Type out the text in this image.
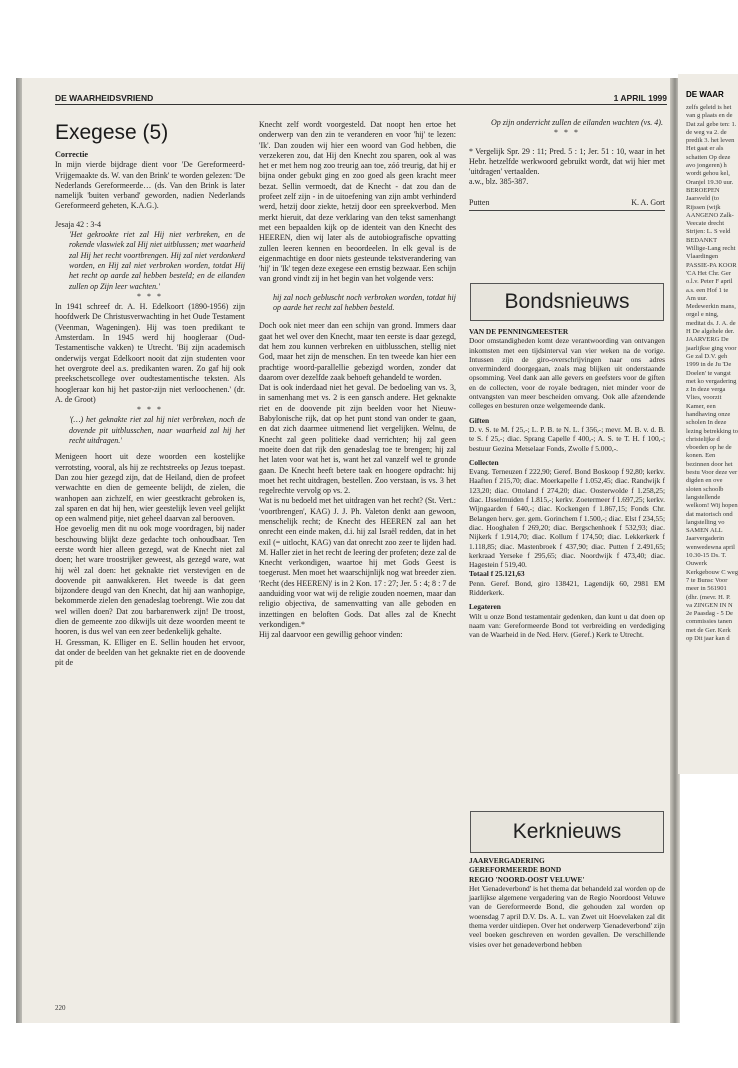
DE WAAR
zelfs geleid is het van g plaats en de Dat zal gebe ten: 1. de weg va 2. de predik 3. het leven Het gaat er als schatten Op deze avo jongeren) h wordt gehou kel, Oranjel 19.30 uur. BEROEPEN Jaarsveld (to Rijssen (wijk AANGENO Zalk-Veecate drecht Strijen: L. S veld BEDANKT Willige-Lang recht Vlaardingen PASSIE-PA KOOR 'CA Het Chr. Ger o.l.v. Peter F april a.s. een Hof 1 te Am uur. Medewerkin mans, orgel e ning, meditat ds. J. A. de H De algehele der. JAARVERG De jaarlijkse ging voor Ge zal D.V. geh 1999 in de Ju 'De Doelen' te vangst met ko vergadering z In deze verga Vlies, voorzit Kamer, een handhaving onze scholen In deze lezing betrekking to christelijke d vboeden op he de konen. Een bezinnen door het bestu Voor deze ver digden en ove sloten schoolb langstellende welkom! Wij hopen dat matorisch ond langstelling vo SAMEN ALL Jaarvergaderin wenwedewna april 10.30-15 Ds. T. Ouwerk Kerkgebouw C weg 7 te Bunsc Voor meer in 561901 (dhr. (mevr. H. P. va ZINGEN IN N 2e Paasdag - 5 De commissies tanen met de Ger. Kerk op Dit jaar kan d
DE WAARHEIDSVRIEND	1 APRIL 1999
Exegese (5)

Correctie

In mijn vierde bijdrage dient voor 'De Gereformeerd-Vrijgemaakte ds. W. van den Brink' te worden gelezen: 'De Nederlands Gereformeerde… (ds. Van den Brink is later namelijk 'buiten verband' geworden, nadien Nederlands Gereformeerd geheten, K.A.G.).

Jesaja 42 : 3-4

'Het gekrookte riet zal Hij niet verbreken, en de rokende vlaswiek zal Hij niet uitblussen; met waarheid zal Hij het recht voortbrengen. Hij zal niet verdonkerd worden, en Hij zal niet verbroken worden, totdat Hij het recht op aarde zal hebben besteld; en de eilanden zullen op Zijn leer wachten.'

* * *

In 1941 schreef dr. A. H. Edelkoort (1890-1956) zijn hoofdwerk De Christusverwachting in het Oude Testament (Veenman, Wageningen). Hij was toen predikant te Amsterdam. In 1945 werd hij hoogleraar (Oud-Testamentische vakken) te Utrecht. 'Bij zijn academisch onderwijs vergat Edelkoort nooit dat zijn studenten voor het overgrote deel a.s. predikanten waren. Zo gaf hij ook preekschetscollege over oudtestamentische teksten. Als hoogleraar kon hij het pastor-zijn niet verloochenen.' (dr. A. de Groot)

* * *

'(…) het geknakte riet zal hij niet verbreken, noch de dovende pit uitblusschen, naar waarheid zal hij het recht uitdragen.'

Menigeen hoort uit deze woorden een kostelijke verrotsting, vooral, als hij ze rechtstreeks op Jezus toepast. Dan zou hier gezegd zijn, dat de Heiland, dien de profeet verwachtte en dien de gemeente belijdt, de zielen, die wanhopen aan zichzelf, en wier geestkracht gebroken is, zal sparen en dat hij hen, wier geestelijk leven veel gelijkt op een walmend pitje, niet geheel daarvan zal berooven.

Hoe gevoelig men dit nu ook moge voordragen, bij nader beschouwing blijkt deze gedachte toch onhoudbaar. Ten eerste wordt hier alleen gezegd, wat de Knecht niet zal doen; het ware troostrijker geweest, als gezegd ware, wat hij wèl zal doen: het geknakte riet verstevigen en de doovende pit aanwakkeren. Het tweede is dat geen bijzondere deugd van den Knecht, dat hij aan wanhopige, bekommerde zielen den genadeslag toebrengt. Wie zou dat wel willen doen? Dat zou barbarenwerk zijn! De troost, dien de gemeente zoo dikwijls uit deze woorden meent te hooren, is dus wel van een zeer bedenkelijk gehalte.

H. Gressman, K. Elliger en E. Sellin houden het ervoor, dat onder de beelden van het geknakte riet en de doovende pit de

Knecht zelf wordt voorgesteld. Dat noopt hen ertoe het onderwerp van den zin te veranderen en voor 'hij' te lezen: 'Ik'. Dan zouden wij hier een woord van God hebben, die verzekeren zou, dat Hij den Knecht zou sparen, ook al was het er met hem nog zoo treurig aan toe, zóó treurig, dat hij er bijna onder gebukt ging en zoo goed als geen kracht meer bezat. Sellin vermoedt, dat de Knecht - dat zou dan de profeet zelf zijn - in de uitoefening van zijn ambt verhinderd werd, hetzij door ziekte, hetzij door een spreekverbod. Men merkt hieruit, dat deze verklaring van den tekst samenhangt met een bepaalden kijk op de identeit van den Knecht des HEEREN, dien wij later als de autobiografische opvatting zullen leeren kennen en beoordeelen. In elk geval is de eigenmachtige en door niets gesteunde tekstverandering van 'hij' in 'Ik' tegen deze exegese een ernstig bezwaar. Een schijn van grond vindt zij in het begin van het volgende vers:

hij zal noch gebluscht noch verbroken worden, totdat hij op aarde het recht zal hebben besteld.

Doch ook niet meer dan een schijn van grond. Immers daar gaat het wel over den Knecht, maar ten eerste is daar gezegd, dat hem zou kunnen verbreken en uitblusschen, stellig niet God, maar het zijn de menschen. En ten tweede kan hier een prachtige woord-parallellie gebezigd worden, zonder dat daarom over dezelfde zaak behoeft gehandeld te worden.

Dat is ook inderdaad niet het geval. De bedoeling van vs. 3, in samenhang met vs. 2 is een gansch andere. Het geknakte riet en de doovende pit zijn beelden voor het Nieuw-Babylonische rijk, dat op het punt stond van onder te gaan, en dat zich daarmee uitmenend liet vergelijken. Welnu, de Knecht zal geen politieke daad verrichten; hij zal geen moeite doen dat rijk den genadeslag toe te brengen; hij zal het laten voor wat het is, want het zal vanzelf wel te gronde gaan. De Knecht heeft betere taak en hoogere opdracht: hij moet het recht uitdragen, bestellen. Zoo verstaan, is vs. 3 het regelrechte vervolg op vs. 2.

Wat is nu bedoeld met het uitdragen van het recht? (St. Vert.: 'voortbrengen', KAG) J. J. Ph. Valeton denkt aan gewoon, menschelijk recht; de Knecht des HEEREN zal aan het onrecht een einde maken, d.i. hij zal Israël redden, dat in het exil (= uitlocht, KAG) van dat onrecht zoo zeer te lijden had. M. Haller ziet in het recht de leering der profeten; deze zal de Knecht verkondigen, waartoe hij met Gods Geest is toegerust. Men moet het waarschijnlijk nog wat breeder zien. 'Recht (des HEEREN)' is in 2 Kon. 17 : 27; Jer. 5 : 4; 8 : 7 de aanduiding voor wat wij de religie zouden noemen, maar dan religio objectiva, de samenvatting van alle geboden en inzettingen en beloften Gods. Dat alles zal de Knecht verkondigen.*

Hij zal daarvoor een gewillig gehoor vinden:

Op zijn onderricht zullen de eilanden wachten (vs. 4).

* * *

* Vergelijk Spr. 29 : 11; Pred. 5 : 1; Jer. 51 : 10, waar in het Hebr. hetzelfde werkwoord gebruikt wordt, dat wij hier met 'uitdragen' vertaalden.

a.w., blz. 385-387.

Putten	K. A. Gort
Bondsnieuws

VAN DE PENNINGMEESTER

Door omstandigheden komt deze verantwoording van ontvangen inkomsten met een tijdsinterval van vier weken na de vorige. Intussen zijn de giro-overschrijvingen naar ons adres onverminderd doorgegaan, zoals mag blijken uit onderstaande opsomming. Veel dank aan alle gevers en geefsters voor de giften en de collecten, voor de royale bedragen, niet minder voor de ontvangsten van meer bescheiden omvang. Ook alle afzendende colleges en besturen onze welgemeende dank.

Giften

D. v. S. te M. f 25,-; L. P. B. te N. L. f 356,-; mevr. M. B. v. d. B. te S. f 25,-; diac. Sprang Capelle f 400,-; A. S. te T. H. f 100,-; bestuur Gezina Metselaar Fonds, Zwolle f 5.000,-.

Collecten

Evang. Terneuzen f 222,90; Geref. Bond Boskoop f 92,80; kerkv. Haaften f 215,70; diac. Moerkapelle f 1.052,45; diac. Randwijk f 123,20; diac. Ottoland f 274,20; diac. Oosterwolde f 1.258,25; diac. IJsselmuiden f 1.815,-; kerkv. Zoetermeer f 1.697,25; kerkv. Wijngaarden f 640,-; diac. Kockengen f 1.867,15; Fonds Chr. Belangen herv. ger. gem. Gorinchem f 1.500,-; diac. Elst f 234,55; diac. Hooghalen f 269,20; diac. Bergschenhoek f 532,93; diac. Nijkerk f 1.914,70; diac. Kollum f 174,50; diac. Lekkerkerk f 1.118,85; diac. Mastenbroek f 437,90; diac. Putten f 2.491,65; kerkraad Yerseke f 295,65; diac. Noordwijk f 473,40; diac. Hagestein f 519,40.

Totaal f 25.121,63

Penn. Geref. Bond, giro 138421, Lagendijk 60, 2981 EM Ridderkerk.

Legateren

Wilt u onze Bond testamentair gedenken, dan kunt u dat doen op naam van: Gereformeerde Bond tot verbreiding en verdediging van de Waarheid in de Ned. Herv. (Geref.) Kerk te Utrecht.

Kerknieuws

JAARVERGADERING

GEREFORMEERDE BOND

REGIO 'NOORD-OOST VELUWE'

Het 'Genadeverbond' is het thema dat behandeld zal worden op de jaarlijkse algemene vergadering van de Regio Noordoost Veluwe van de Gereformeerde Bond, die gehouden zal worden op woensdag 7 april D.V. Ds. A. L. van Zwet uit Hoevelaken zal dit thema verder uitdiepen. Over het onderwerp 'Genadeverbond' zijn veel boeken geschreven en worden gevallen. De verschillende visies over het genadeverbond hebben

220
